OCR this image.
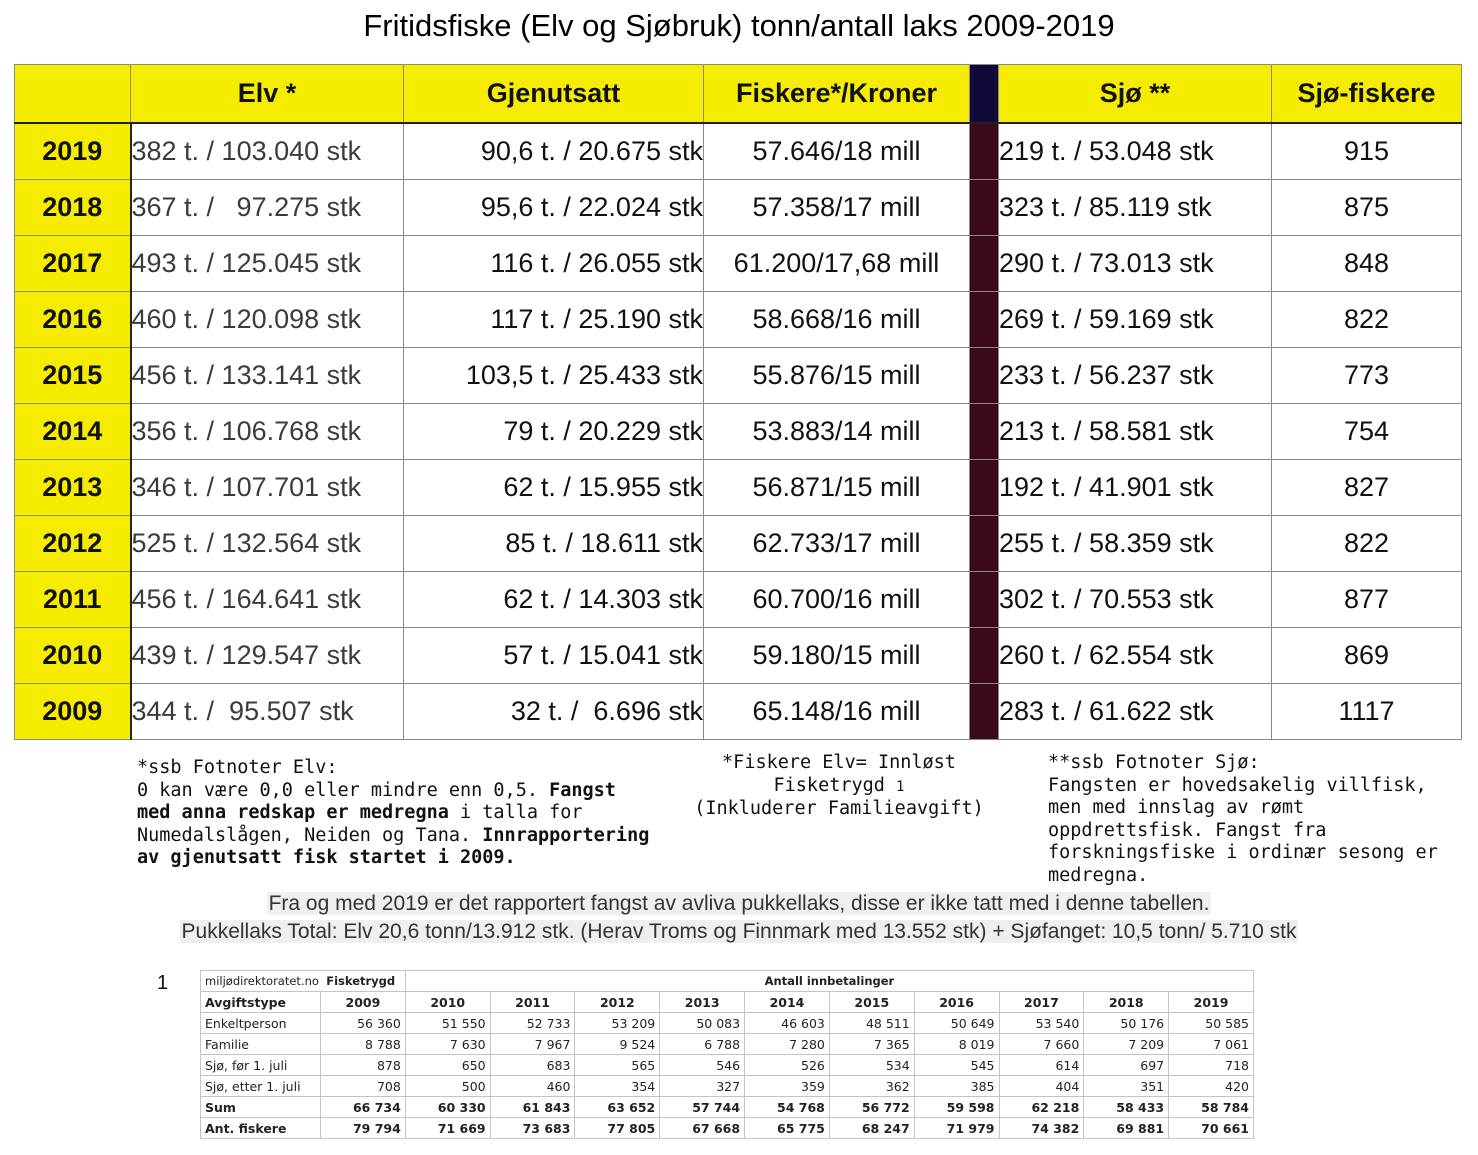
Fritidsfiske (Elv og Sjøbruk) tonn/antall laks 2009-2019
	Elv *	Gjenutsatt	Fiskere*/Kroner		Sjø **	Sjø-fiskere
2019	382 t. / 103.040 stk	90,6 t. / 20.675 stk	57.646/18 mill		219 t. / 53.048 stk	915
2018	367 t. /   97.275 stk	95,6 t. / 22.024 stk	57.358/17 mill		323 t. / 85.119 stk	875
2017	493 t. / 125.045 stk	116 t. / 26.055 stk	61.200/17,68 mill		290 t. / 73.013 stk	848
2016	460 t. / 120.098 stk	117 t. / 25.190 stk	58.668/16 mill		269 t. / 59.169 stk	822
2015	456 t. / 133.141 stk	103,5 t. / 25.433 stk	55.876/15 mill		233 t. / 56.237 stk	773
2014	356 t. / 106.768 stk	79 t. / 20.229 stk	53.883/14 mill		213 t. / 58.581 stk	754
2013	346 t. / 107.701 stk	62 t. / 15.955 stk	56.871/15 mill		192 t. / 41.901 stk	827
2012	525 t. / 132.564 stk	85 t. / 18.611 stk	62.733/17 mill		255 t. / 58.359 stk	822
2011	456 t. / 164.641 stk	62 t. / 14.303 stk	60.700/16 mill		302 t. / 70.553 stk	877
2010	439 t. / 129.547 stk	57 t. / 15.041 stk	59.180/15 mill		260 t. / 62.554 stk	869
2009	344 t. /  95.507 stk	32 t. /  6.696 stk	65.148/16 mill		283 t. / 61.622 stk	1117
*ssb Fotnoter Elv:
0 kan være 0,0 eller mindre enn 0,5. Fangst med anna redskap er medregna i talla for Numedalslågen, Neiden og Tana. Innrapportering av gjenutsatt fisk startet i 2009.
*Fiskere Elv= Innløst Fisketrygd 1
(Inkluderer Familieavgift)
**ssb Fotnoter Sjø:
Fangsten er hovedsakelig villfisk, men med innslag av rømt oppdrettsfisk. Fangst fra forskningsfiske i ordinær sesong er medregna.
Fra og med 2019 er det rapportert fangst av avliva pukkellaks, disse er ikke tatt med i denne tabellen.
Pukkellaks Total: Elv 20,6 tonn/13.912 stk. (Herav Troms og Finnmark med 13.552 stk) + Sjøfanget: 10,5 tonn/ 5.710 stk
1	miljødirektoratet.no Fisketrygd		Antall innbetalinger									
Avgiftstype	2009	2010	2011	2012	2013	2014	2015	2016	2017	2018	2019
Enkeltperson	56 360	51 550	52 733	53 209	50 083	46 603	48 511	50 649	53 540	50 176	50 585
Familie	8 788	7 630	7 967	9 524	6 788	7 280	7 365	8 019	7 660	7 209	7 061
Sjø, før 1. juli	878	650	683	565	546	526	534	545	614	697	718
Sjø, etter 1. juli	708	500	460	354	327	359	362	385	404	351	420
Sum	66 734	60 330	61 843	63 652	57 744	54 768	56 772	59 598	62 218	58 433	58 784
Ant. fiskere	79 794	71 669	73 683	77 805	67 668	65 775	68 247	71 979	74 382	69 881	70 661
